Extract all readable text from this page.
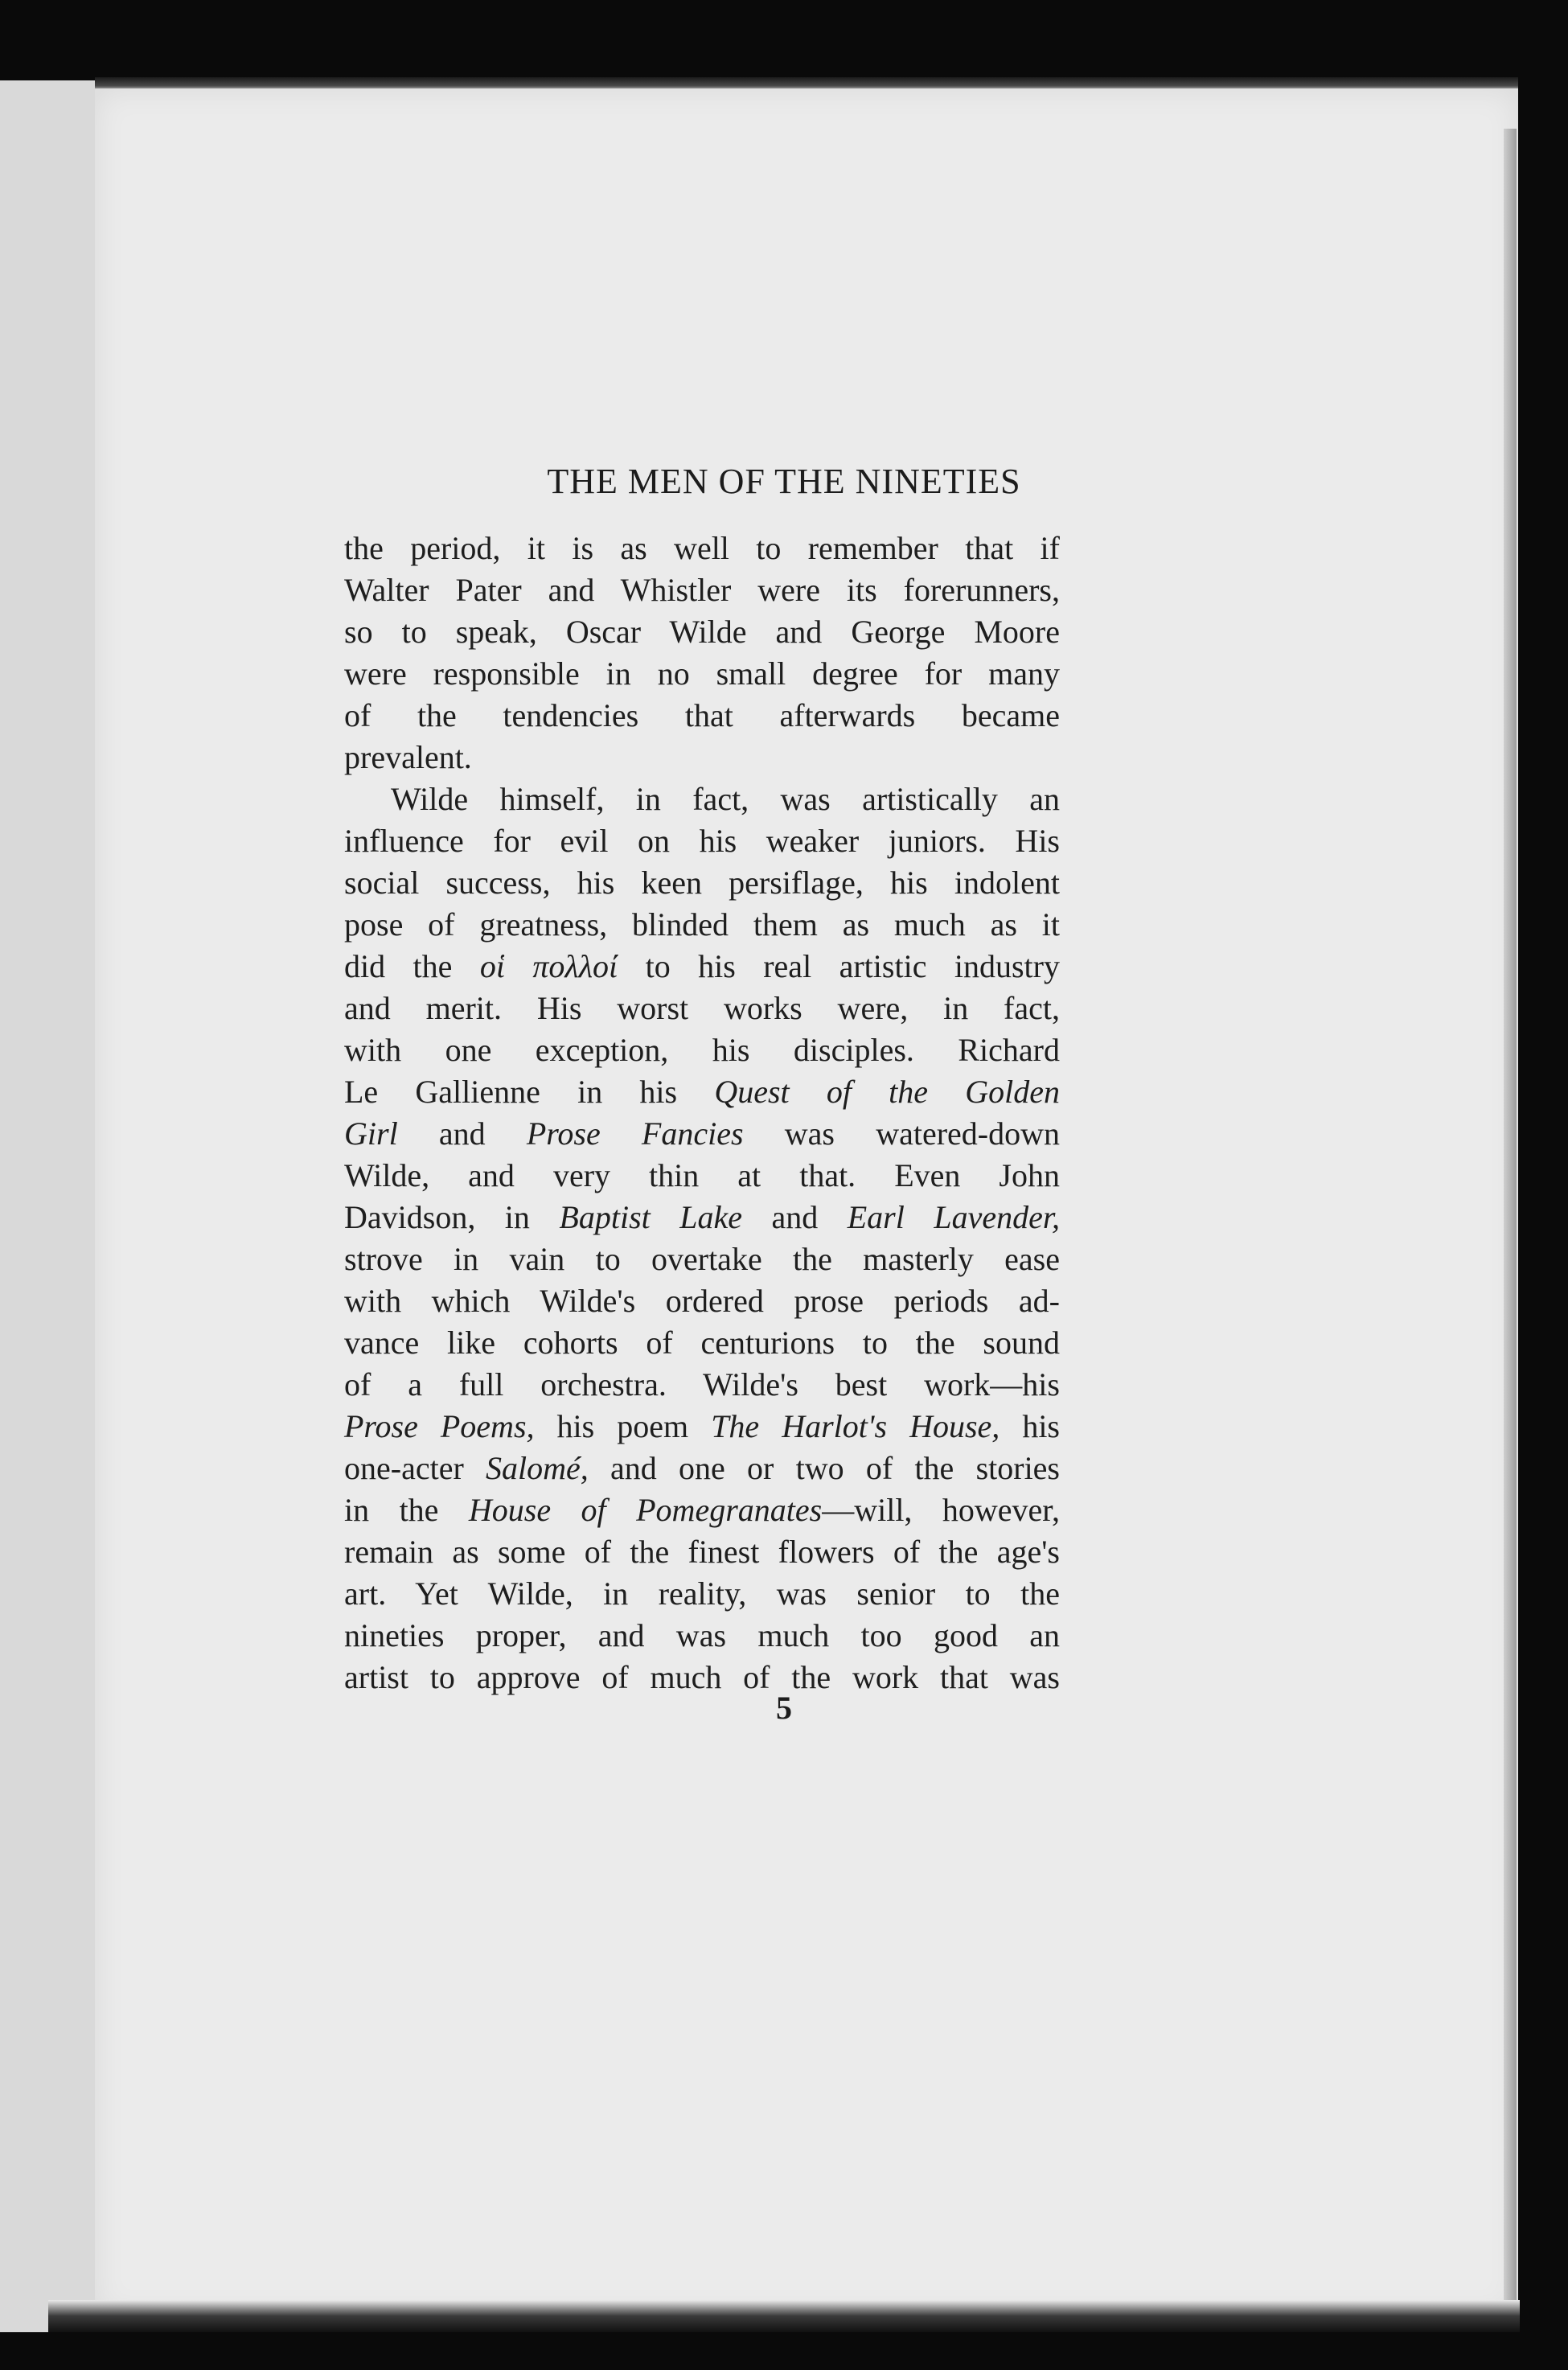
THE MEN OF THE NINETIES
the period, it is as well to remember that if
Walter Pater and Whistler were its forerunners,
so to speak, Oscar Wilde and George Moore
were responsible in no small degree for many
of the tendencies that afterwards became
prevalent.
Wilde himself, in fact, was artistically an
influence for evil on his weaker juniors. His
social success, his keen persiflage, his indolent
pose of greatness, blinded them as much as it
did the οἱ πολλοί to his real artistic industry
and merit. His worst works were, in fact,
with one exception, his disciples. Richard
Le Gallienne in his Quest of the Golden
Girl and Prose Fancies was watered-down
Wilde, and very thin at that. Even John
Davidson, in Baptist Lake and Earl Lavender,
strove in vain to overtake the masterly ease
with which Wilde's ordered prose periods ad-
vance like cohorts of centurions to the sound
of a full orchestra. Wilde's best work—his
Prose Poems, his poem The Harlot's House, his
one-acter Salomé, and one or two of the stories
in the House of Pomegranates—will, however,
remain as some of the finest flowers of the age's
art. Yet Wilde, in reality, was senior to the
nineties proper, and was much too good an
artist to approve of much of the work that was
5
